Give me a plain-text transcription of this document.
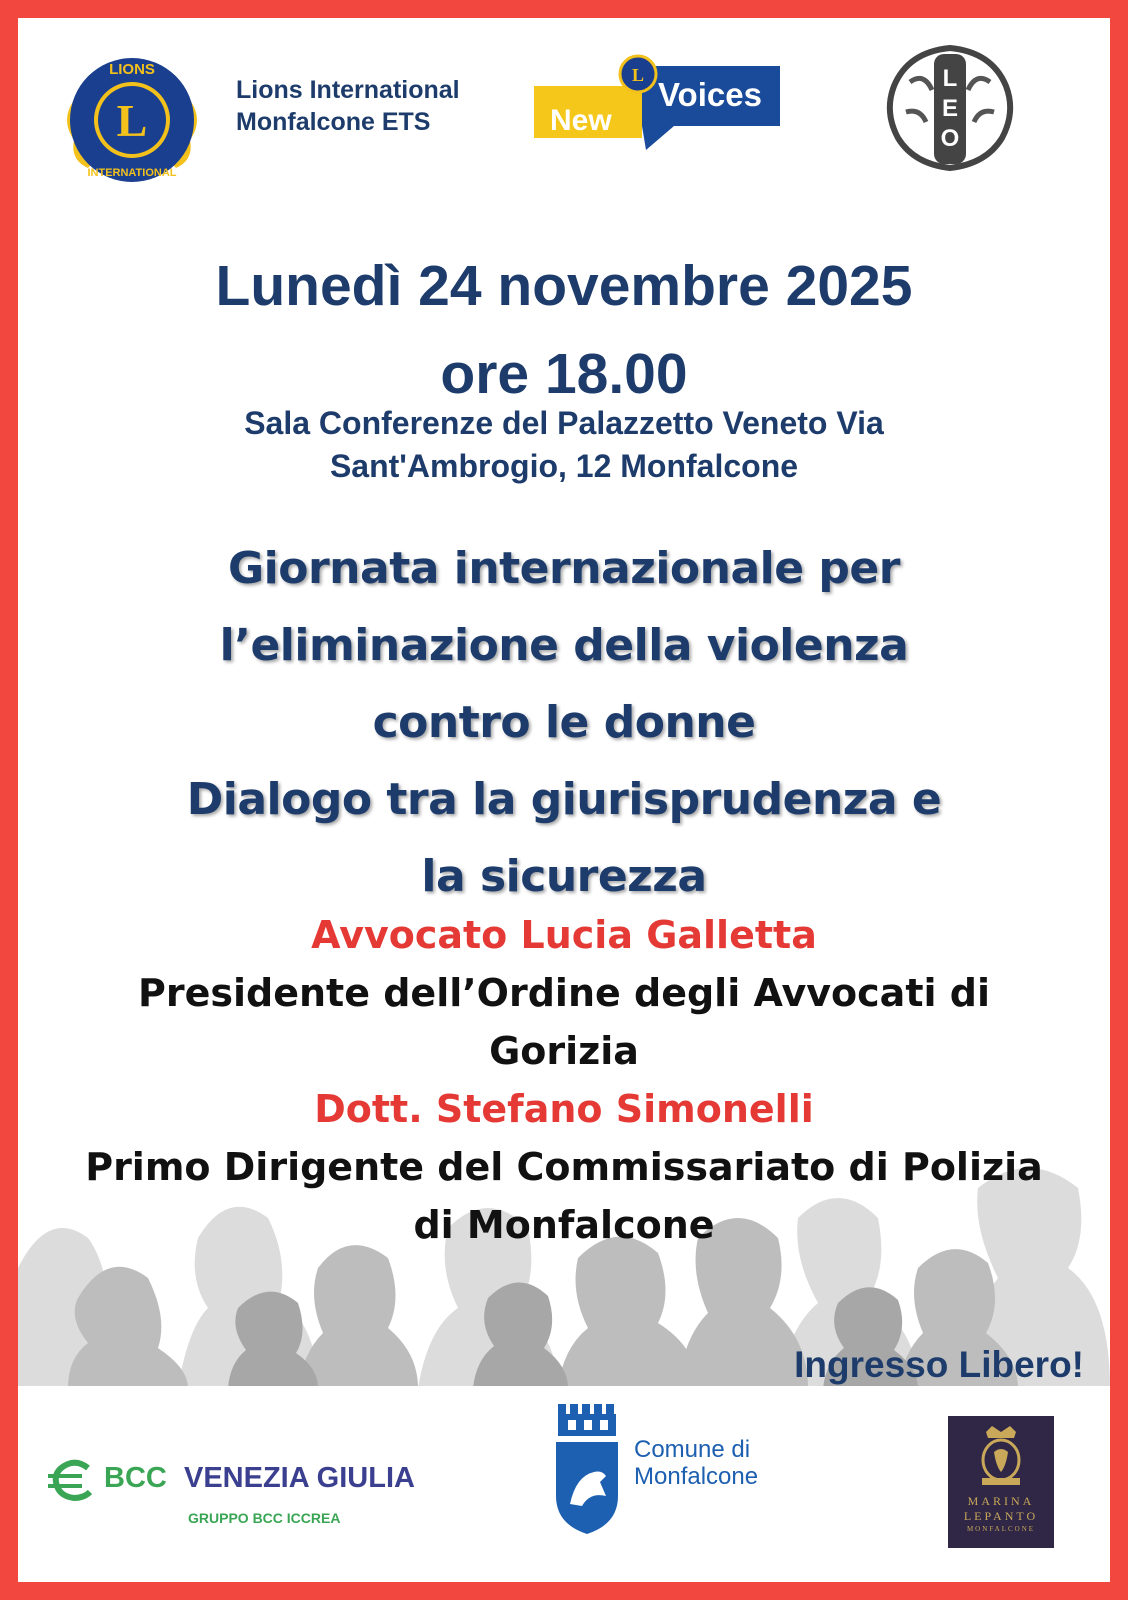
L
LIONS
INTERNATIONAL
Lions International
Monfalcone ETS
L
New
Voices	L
E
O
Lunedì 24 novembre 2025
ore 18.00
Sala Conferenze del Palazzetto Veneto Via
Sant'Ambrogio, 12 Monfalcone
Giornata internazionale per
l’eliminazione della violenza
contro le donne
Dialogo tra la giurisprudenza e
la sicurezza
Avvocato Lucia Galletta
Presidente dell’Ordine degli Avvocati di
Gorizia
Dott. Stefano Simonelli
Primo Dirigente del Commissariato di Polizia
di Monfalcone
Ingresso Libero!
BCC VENEZIA GIULIA
GRUPPO BCC ICCREA
Comune di
Monfalcone
MARINA
LEPANTO
MONFALCONE
